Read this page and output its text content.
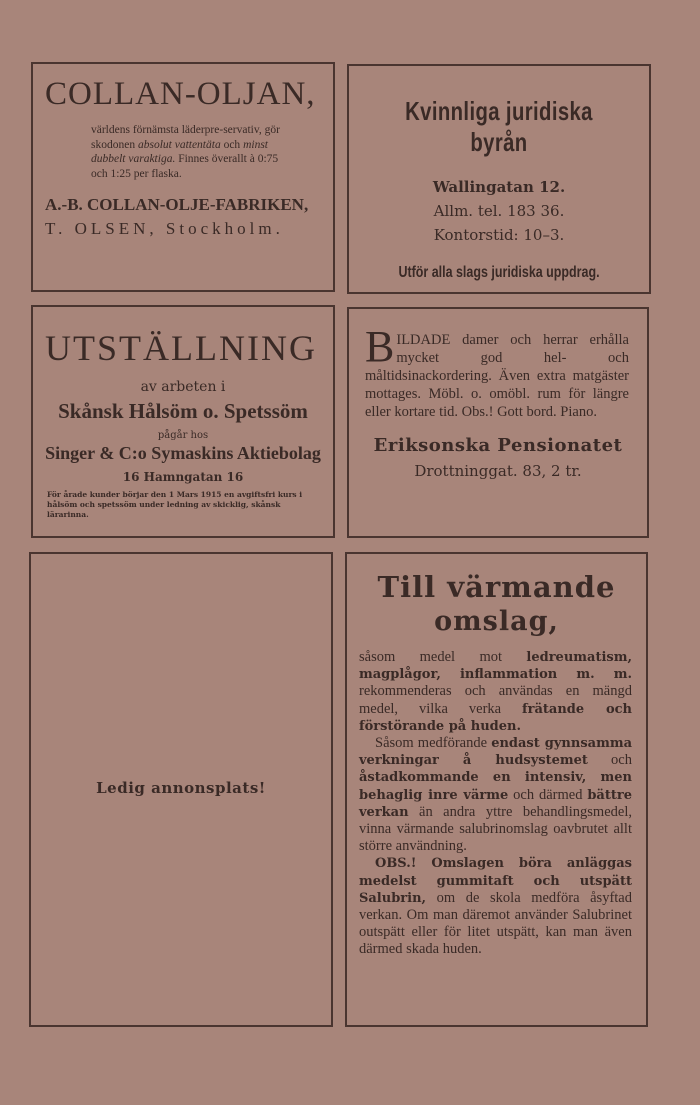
COLLAN-OLJAN,
världens förnämsta läderpre-servativ, gör skodonen absolut vattentäta och minst dubbelt varaktiga. Finnes överallt à 0:75 och 1:25 per flaska.
A.-B. COLLAN-OLJE-FABRIKEN,
T. OLSEN, Stockholm.
Kvinnliga juridiska byrån
Wallingatan 12.
Allm. tel. 183 36.
Kontorstid: 10–3.
Utför alla slags juridiska uppdrag.
UTSTÄLLNING
av arbeten i
Skånsk Hålsöm o. Spetssöm
pågår hos
Singer & C:o Symaskins Aktiebolag
16 Hamngatan 16
För årade kunder börjar den 1 Mars 1915 en avgiftsfri kurs i hålsöm och spetssöm under ledning av skicklig, skånsk lärarinna.
BILDADE damer och herrar erhålla mycket god hel- och måltidsinackordering. Även extra matgäster mottages. Möbl. o. omöbl. rum för längre eller kortare tid. Obs.! Gott bord. Piano.
Eriksonska Pensionatet
Drottninggat. 83, 2 tr.
Ledig annonsplats!
Till värmande
omslag,

såsom medel mot ledreumatism, magplågor, inflammation m. m. rekommenderas och användas en mängd medel, vilka verka frätande och förstörande på huden.

Såsom medförande endast gynnsamma verkningar å hudsystemet och åstadkommande en intensiv, men behaglig inre värme och därmed bättre verkan än andra yttre behandlingsmedel, vinna värmande salubrinomslag oavbrutet allt större användning.

OBS.! Omslagen böra anläggas medelst gummitaft och utspätt Salubrin, om de skola medföra åsyftad verkan. Om man däremot använder Salubrinet outspätt eller för litet utspätt, kan man även därmed skada huden.
